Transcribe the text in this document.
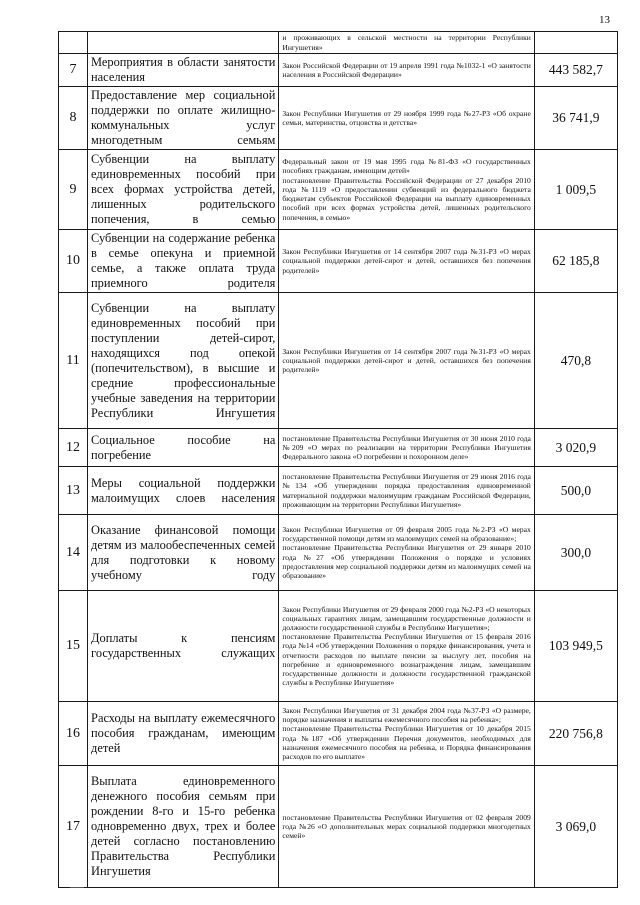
13
		и проживающих в сельской местности на территории Республики Ингушетия»	
7	Мероприятия в области занятости населения	Закон Российской Федерации от 19 апреля 1991 года №1032-1 «О занятости населения в Российской Федерации»	443 582,7
8	Предоставление мер социальной поддержки по оплате жилищно-коммунальных услуг многодетным семьям	Закон Республики Ингушетия от 29 ноября 1999 года №27-РЗ «Об охране семьи, материнства, отцовства и детства»	36 741,9
9	Субвенции на выплату единовременных пособий при всех формах устройства детей, лишенных родительского попечения, в семью	Федеральный закон от 19 мая 1995 года №81-ФЗ «О государственных пособиях гражданам, имеющим детей»
постановление Правительства Российской Федерации от 27 декабря 2010 года №1119 «О предоставлении субвенций из федерального бюджета бюджетам субъектов Российской Федерации на выплату единовременных пособий при всех формах устройства детей, лишенных родительского попечения, в семью»	1 009,5
10	Субвенции на содержание ребенка в семье опекуна и приемной семье, а также оплата труда приемного родителя	Закон Республики Ингушетия от 14 сентября 2007 года №31-РЗ «О мерах социальной поддержки детей-сирот и детей, оставшихся без попечения родителей»	62 185,8
11	Субвенции на выплату единовременных пособий при поступлении детей-сирот, находящихся под опекой (попечительством), в высшие и средние профессиональные учебные заведения на территории Республики Ингушетия	Закон Республики Ингушетия от 14 сентября 2007 года №31-РЗ «О мерах социальной поддержки детей-сирот и детей, оставшихся без попечения родителей»	470,8
12	Социальное пособие на погребение	постановление Правительства Республики Ингушетия от 30 июня 2010 года №209 «О мерах по реализации на территории Республики Ингушетия Федерального закона «О погребении и похоронном деле»	3 020,9
13	Меры социальной поддержки малоимущих слоев населения	постановление Правительства Республики Ингушетия от 29 июня 2016 года №134 «Об утверждении порядка предоставления единовременной материальной поддержки малоимущим гражданам Российской Федерации, проживающим на территории Республики Ингушетия»	500,0
14	Оказание финансовой помощи детям из малообеспеченных семей для подготовки к новому учебному году	Закон Республики Ингушетия от 09 февраля 2005 года №2-РЗ «О мерах государственной помощи детям из малоимущих семей на образование»;
постановление Правительства Республики Ингушетия от 29 января 2010 года №27 «Об утверждении Положения о порядке и условиях предоставления мер социальной поддержки детям из малоимущих семей на образование»	300,0
15	Доплаты к пенсиям государственных служащих	Закон Республики Ингушетия от 29 февраля 2000 года №2-РЗ «О некоторых социальных гарантиях лицам, замещавшим государственные должности и должности государственной службы в Республике Ингушетия»;
постановление Правительства Республики Ингушетия от 15 февраля 2016 года №14 «Об утверждении Положения о порядке финансирования, учета и отчетности расходов по выплате пенсии за выслугу лет, пособия на погребение и единовременного вознаграждения лицам, замещавшим государственные должности и должности государственной гражданской службы в Республике Ингушетия»	103 949,5
16	Расходы на выплату ежемесячного пособия гражданам, имеющим детей	Закон Республики Ингушетия от 31 декабря 2004 года №37-РЗ «О размере, порядке назначения и выплаты ежемесячного пособия на ребенка»;
постановление Правительства Республики Ингушетия от 10 декабря 2015 года №187 «Об утверждении Перечня документов, необходимых для назначения ежемесячного пособия на ребенка, и Порядка финансирования расходов по его выплате»	220 756,8
17	Выплата единовременного денежного пособия семьям при рождении 8-го и 15-го ребенка одновременно двух, трех и более детей согласно постановлению Правительства Республики Ингушетия	постановление Правительства Республики Ингушетия от 02 февраля 2009 года №26 «О дополнительных мерах социальной поддержки многодетных семей»	3 069,0
